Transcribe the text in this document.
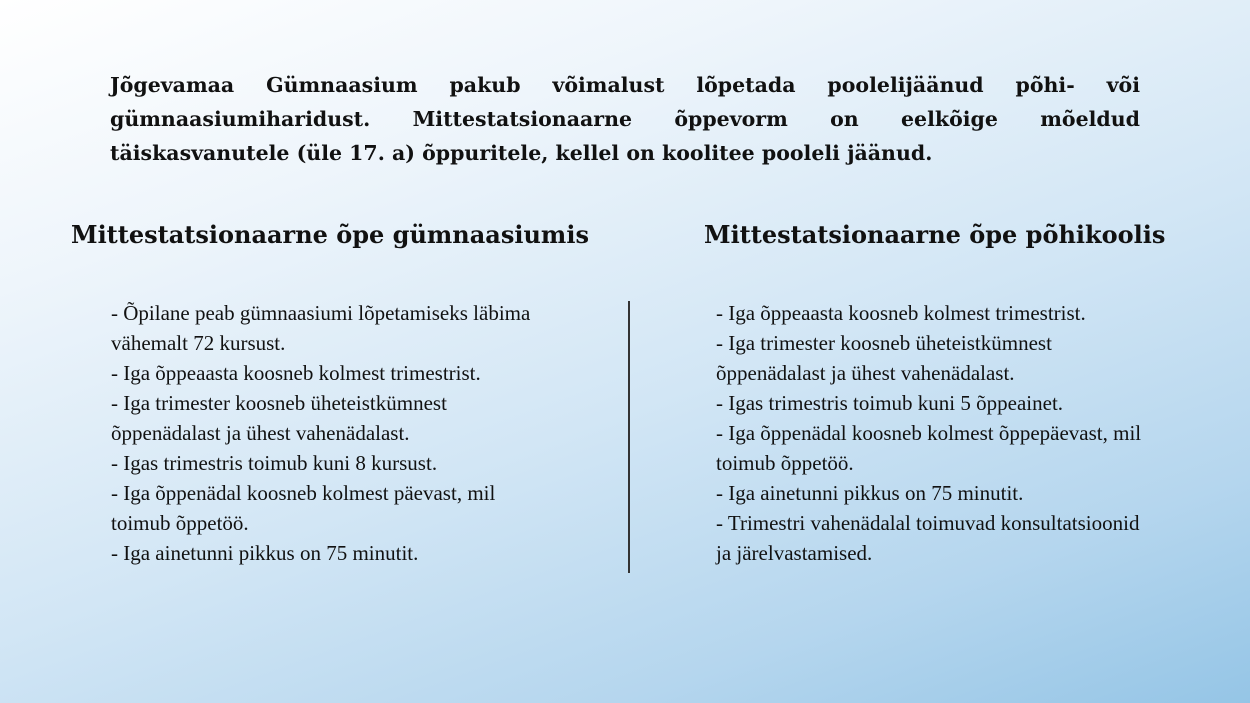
Jõgevamaa Gümnaasium pakub võimalust lõpetada poolelijäänud põhi- või gümnaasiumiharidust. Mittestatsionaarne õppevorm on eelkõige mõeldud täiskasvanutele (üle 17. a) õppuritele, kellel on koolitee pooleli jäänud.

Mittestatsionaarne õpe gümnaasiumis	Mittestatsionaarne õpe põhikoolis
- Õpilane peab gümnaasiumi lõpetamiseks läbima vähemalt 72 kursust.
- Iga õppeaasta koosneb kolmest trimestrist.
- Iga trimester koosneb üheteistkümnest õppenädalast ja ühest vahenädalast.
- Igas trimestris toimub kuni 8 kursust.
- Iga õppenädal koosneb kolmest päevast, mil toimub õppetöö.
- Iga ainetunni pikkus on 75 minutit.
- Iga õppeaasta koosneb kolmest trimestrist.
- Iga trimester koosneb üheteistkümnest õppenädalast ja ühest vahenädalast.
- Igas trimestris toimub kuni 5 õppeainet.
- Iga õppenädal koosneb kolmest õppepäevast, mil toimub õppetöö.
- Iga ainetunni pikkus on 75 minutit.
- Trimestri vahenädalal toimuvad konsultatsioonid ja järelvastamised.
